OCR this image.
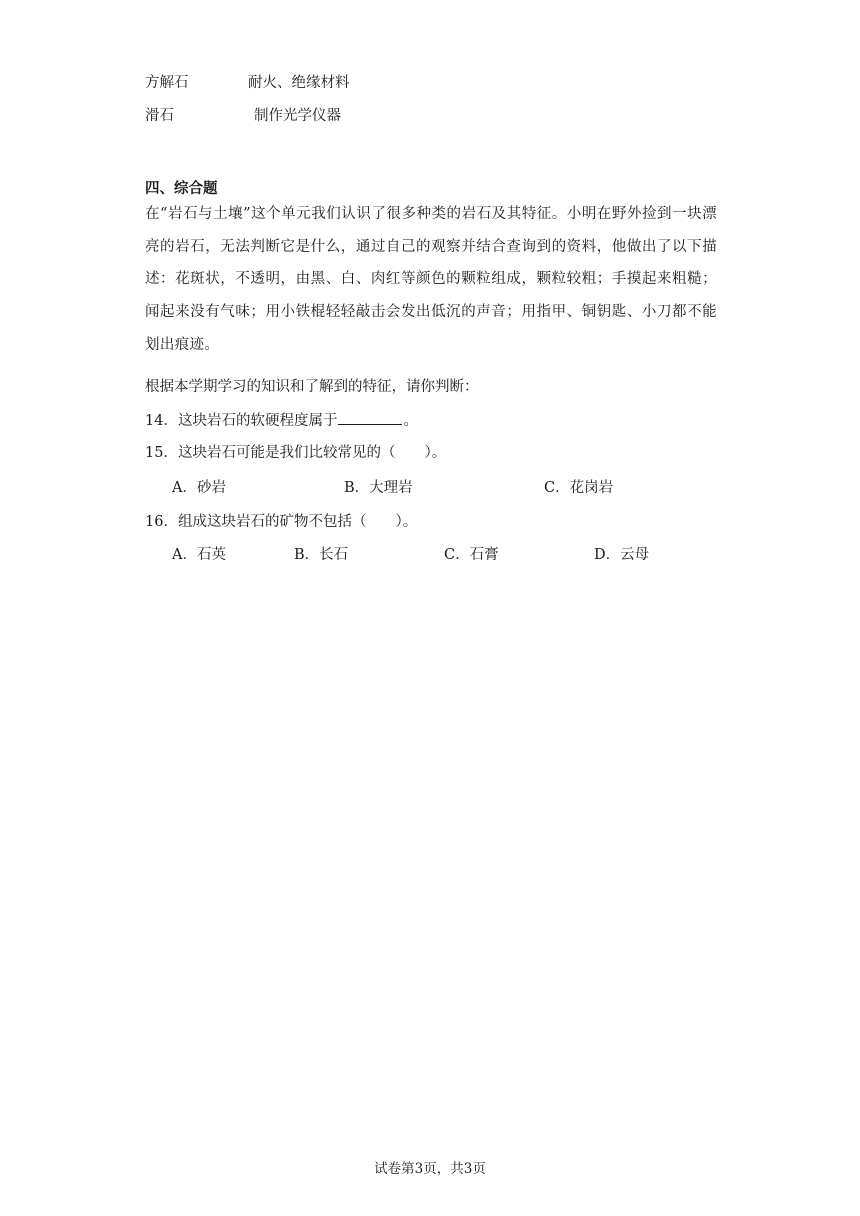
方解石	耐火、绝缘材料
滑石	制作光学仪器
四、综合题
在“岩石与土壤”这个单元我们认识了很多种类的岩石及其特征。小明在野外捡到一块漂亮的岩石，无法判断它是什么，通过自己的观察并结合查询到的资料，他做出了以下描述：花斑状，不透明，由黑、白、肉红等颜色的颗粒组成，颗粒较粗；手摸起来粗糙；闻起来没有气味；用小铁棍轻轻敲击会发出低沉的声音；用指甲、铜钥匙、小刀都不能划出痕迹。
根据本学期学习的知识和了解到的特征，请你判断：
14．这块岩石的软硬程度属于	。
15．这块岩石可能是我们比较常见的（　　）。
A．砂岩	B．大理岩	C．花岗岩
16．组成这块岩石的矿物不包括（　　）。
A．石英	B．长石	C．石膏	D．云母
试卷第3页，共3页
